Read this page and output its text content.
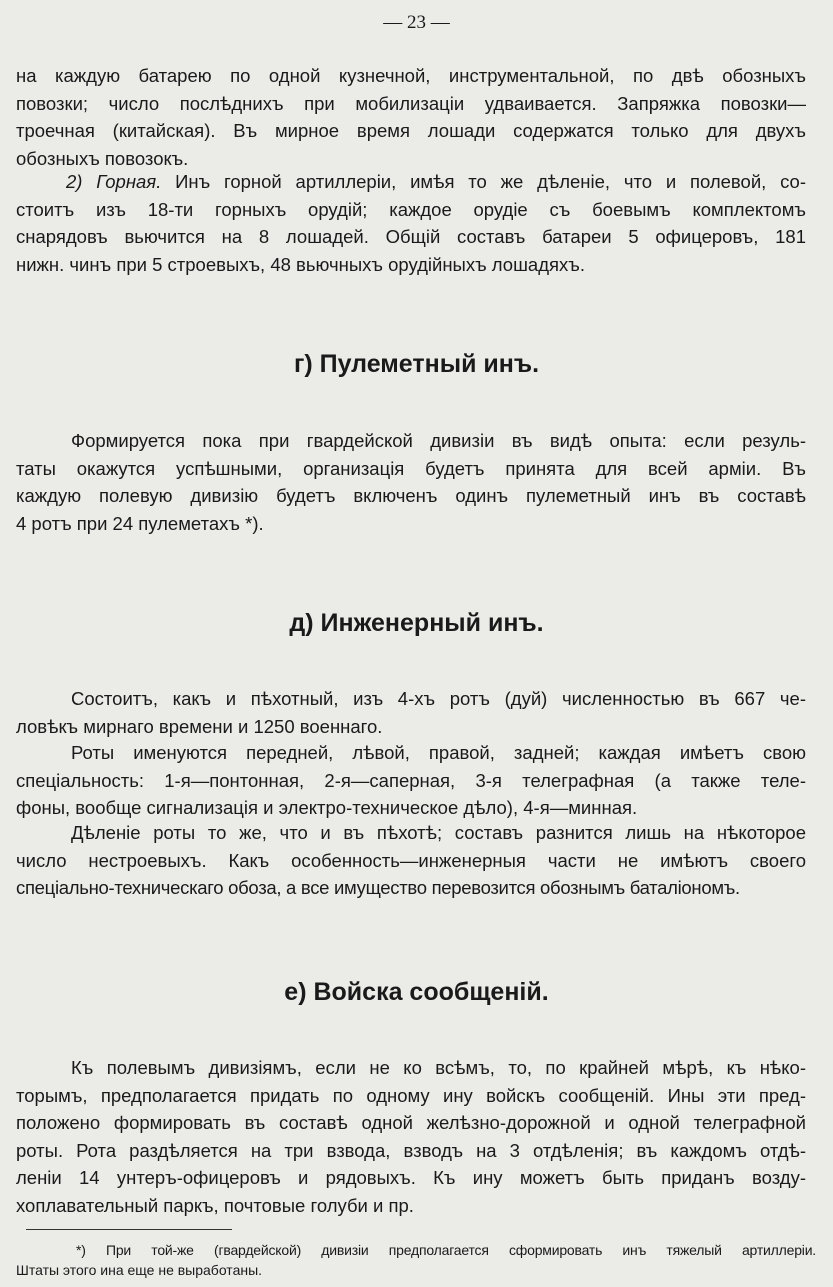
— 23 —
на каждую батарею по одной кузнечной, инструментальной, по двѣ обозныхъ
повозки; число послѣднихъ при мобилизаціи удваивается. Запряжка повозки—
троечная (китайская). Въ мирное время лошади содержатся только для двухъ
обозныхъ повозокъ.
2) Горная. Инъ горной артиллеріи, имѣя то же дѣленіе, что и полевой, со-
стоитъ изъ 18-ти горныхъ орудій; каждое орудіе съ боевымъ комплектомъ
снарядовъ вьючится на 8 лошадей. Общій составъ батареи 5 офицеровъ, 181
нижн. чинъ при 5 строевыхъ, 48 вьючныхъ орудійныхъ лошадяхъ.
г) Пулеметный инъ.
Формируется пока при гвардейской дивизіи въ видѣ опыта: если резуль-
таты окажутся успѣшными, организація будетъ принята для всей арміи. Въ
каждую полевую дивизію будетъ включенъ одинъ пулеметный инъ въ составѣ
4 ротъ при 24 пулеметахъ *).
д) Инженерный инъ.
Состоитъ, какъ и пѣхотный, изъ 4-хъ ротъ (дуй) численностью въ 667 че-
ловѣкъ мирнаго времени и 1250 военнаго.
Роты именуются передней, лѣвой, правой, задней; каждая имѣетъ свою
спеціальность: 1-я—понтонная, 2-я—саперная, 3-я телеграфная (а также теле-
фоны, вообще сигнализація и электро-техническое дѣло), 4-я—минная.
Дѣленіе роты то же, что и въ пѣхотѣ; составъ разнится лишь на нѣкоторое
число нестроевыхъ. Какъ особенность—инженерныя части не имѣютъ своего
спеціально-техническаго обоза, а все имущество перевозится обознымъ баталіономъ.
е) Войска сообщеній.
Къ полевымъ дивизіямъ, если не ко всѣмъ, то, по крайней мѣрѣ, къ нѣко-
торымъ, предполагается придать по одному ину войскъ сообщеній. Ины эти пред-
положено формировать въ составѣ одной желѣзно-дорожной и одной телеграфной
роты. Рота раздѣляется на три взвода, взводъ на 3 отдѣленія; въ каждомъ отдѣ-
леніи 14 унтеръ-офицеровъ и рядовыхъ. Къ ину можетъ быть приданъ возду-
хоплавательный паркъ, почтовые голуби и пр.
*) При той-же (гвардейской) дивизіи предполагается сформировать инъ тяжелый артиллеріи.
Штаты этого ина еще не выработаны.
